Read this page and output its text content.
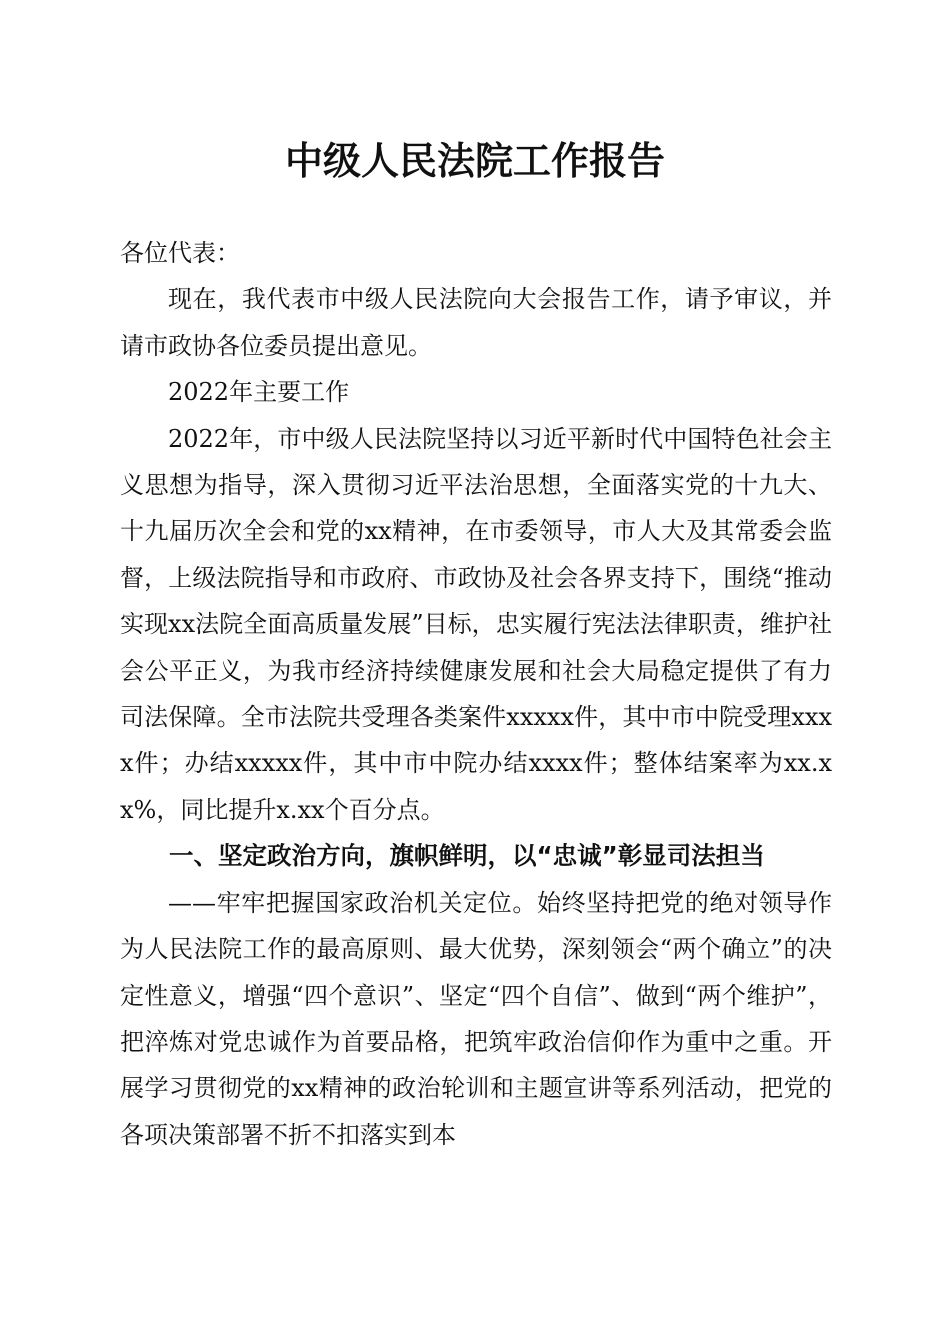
中级人民法院工作报告

各位代表：

现在，我代表市中级人民法院向大会报告工作，请予审议，并请市政协各位委员提出意见。

2022年主要工作

2022年，市中级人民法院坚持以习近平新时代中国特色社会主义思想为指导，深入贯彻习近平法治思想，全面落实党的十九大、十九届历次全会和党的xx精神，在市委领导，市人大及其常委会监督，上级法院指导和市政府、市政协及社会各界支持下，围绕“推动实现xx法院全面高质量发展”目标，忠实履行宪法法律职责，维护社会公平正义，为我市经济持续健康发展和社会大局稳定提供了有力司法保障。全市法院共受理各类案件xxxxx件，其中市中院受理xxxx件；办结xxxxx件，其中市中院办结xxxx件；整体结案率为xx.xx%，同比提升x.xx个百分点。

一、坚定政治方向，旗帜鲜明，以“忠诚”彰显司法担当

——牢牢把握国家政治机关定位。始终坚持把党的绝对领导作为人民法院工作的最高原则、最大优势，深刻领会“两个确立”的决定性意义，增强“四个意识”、坚定“四个自信”、做到“两个维护”，把淬炼对党忠诚作为首要品格，把筑牢政治信仰作为重中之重。开展学习贯彻党的xx精神的政治轮训和主题宣讲等系列活动，把党的各项决策部署不折不扣落实到本
